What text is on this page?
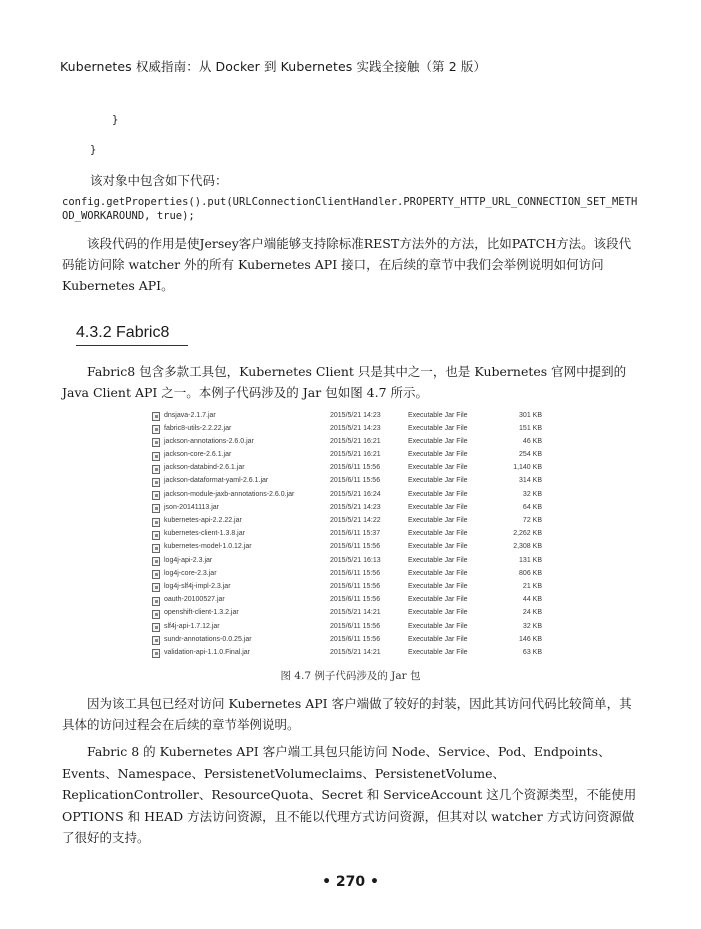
Kubernetes 权威指南：从 Docker 到 Kubernetes 实践全接触（第 2 版）
}
}
该对象中包含如下代码：
config.getProperties().put(URLConnectionClientHandler.PROPERTY_HTTP_URL_CONNECTION_SET_METHOD_WORKAROUND, true);
该段代码的作用是使Jersey客户端能够支持除标准REST方法外的方法，比如PATCH方法。该段代码能访问除 watcher 外的所有 Kubernetes API 接口，在后续的章节中我们会举例说明如何访问 Kubernetes API。
4.3.2 Fabric8
Fabric8 包含多款工具包，Kubernetes Client 只是其中之一，也是 Kubernetes 官网中提到的 Java Client API 之一。本例子代码涉及的 Jar 包如图 4.7 所示。
dnsjava-2.1.7.jar	2015/5/21 14:23	Executable Jar File	301 KB
fabric8-utils-2.2.22.jar	2015/5/21 14:23	Executable Jar File	151 KB
jackson-annotations-2.6.0.jar	2015/5/21 16:21	Executable Jar File	46 KB
jackson-core-2.6.1.jar	2015/5/21 16:21	Executable Jar File	254 KB
jackson-databind-2.6.1.jar	2015/6/11 15:56	Executable Jar File	1,140 KB
jackson-dataformat-yaml-2.6.1.jar	2015/6/11 15:56	Executable Jar File	314 KB
jackson-module-jaxb-annotations-2.6.0.jar	2015/5/21 16:24	Executable Jar File	32 KB
json-20141113.jar	2015/5/21 14:23	Executable Jar File	64 KB
kubernetes-api-2.2.22.jar	2015/5/21 14:22	Executable Jar File	72 KB
kubernetes-client-1.3.8.jar	2015/6/11 15:37	Executable Jar File	2,262 KB
kubernetes-model-1.0.12.jar	2015/6/11 15:56	Executable Jar File	2,308 KB
log4j-api-2.3.jar	2015/5/21 16:13	Executable Jar File	131 KB
log4j-core-2.3.jar	2015/6/11 15:56	Executable Jar File	806 KB
log4j-slf4j-impl-2.3.jar	2015/6/11 15:56	Executable Jar File	21 KB
oauth-20100527.jar	2015/6/11 15:56	Executable Jar File	44 KB
openshift-client-1.3.2.jar	2015/5/21 14:21	Executable Jar File	24 KB
slf4j-api-1.7.12.jar	2015/6/11 15:56	Executable Jar File	32 KB
sundr-annotations-0.0.25.jar	2015/6/11 15:56	Executable Jar File	146 KB
validation-api-1.1.0.Final.jar	2015/5/21 14:21	Executable Jar File	63 KB
图 4.7 例子代码涉及的 Jar 包
因为该工具包已经对访问 Kubernetes API 客户端做了较好的封装，因此其访问代码比较简单，其具体的访问过程会在后续的章节举例说明。
Fabric 8 的 Kubernetes API 客户端工具包只能访问 Node、Service、Pod、Endpoints、Events、Namespace、PersistenetVolumeclaims、PersistenetVolume、ReplicationController、ResourceQuota、Secret 和 ServiceAccount 这几个资源类型，不能使用 OPTIONS 和 HEAD 方法访问资源，且不能以代理方式访问资源，但其对以 watcher 方式访问资源做了很好的支持。
• 270 •
